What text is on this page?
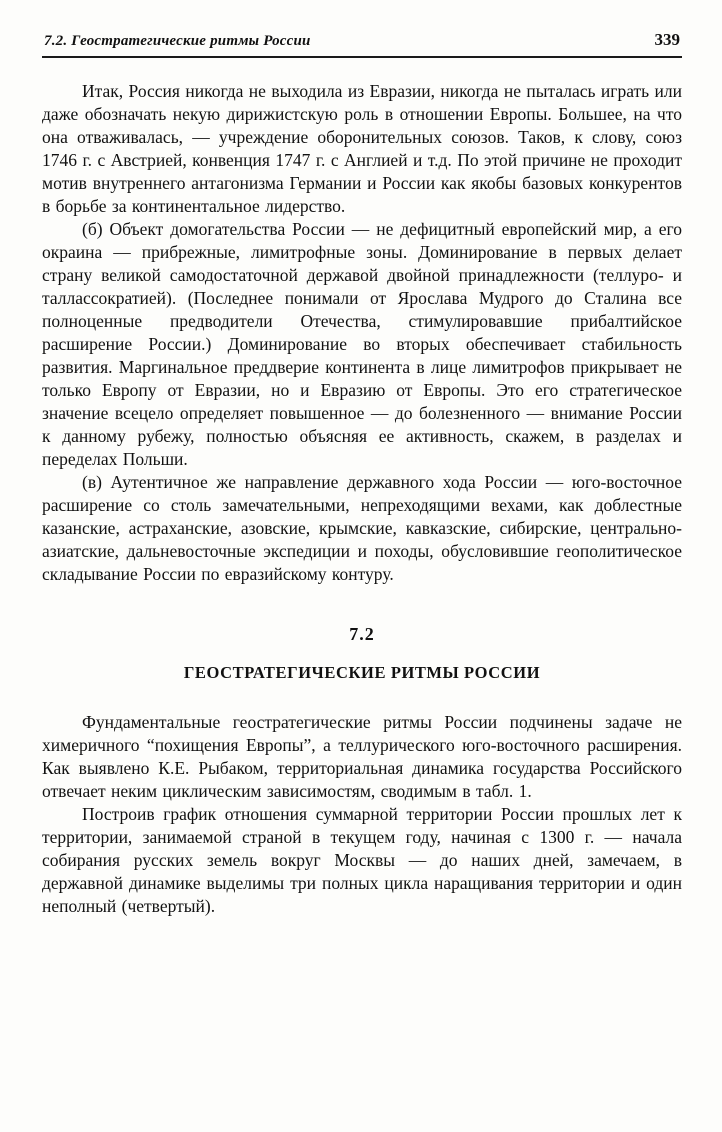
7.2. Геостратегические ритмы России	339

Итак, Россия никогда не выходила из Евразии, никогда не пыталась играть или даже обозначать некую дирижистскую роль в отношении Европы. Большее, на что она отваживалась, — учреждение оборонительных союзов. Таков, к слову, союз 1746 г. с Австрией, конвенция 1747 г. с Англией и т.д. По этой причине не проходит мотив внутреннего антагонизма Германии и России как якобы базовых конкурентов в борьбе за континентальное лидерство.

(б) Объект домогательства России — не дефицитный европейский мир, а его окраина — прибрежные, лимитрофные зоны. Доминирование в первых делает страну великой самодостаточной державой двойной принадлежности (теллуро- и таллассократией). (Последнее понимали от Ярослава Мудрого до Сталина все полноценные предводители Отечества, стимулировавшие прибалтийское расширение России.) Доминирование во вторых обеспечивает стабильность развития. Маргинальное преддверие континента в лице лимитрофов прикрывает не только Европу от Евразии, но и Евразию от Европы. Это его стратегическое значение всецело определяет повышенное — до болезненного — внимание России к данному рубежу, полностью объясняя ее активность, скажем, в разделах и переделах Польши.

(в) Аутентичное же направление державного хода России — юго-восточное расширение со столь замечательными, непреходящими вехами, как доблестные казанские, астраханские, азовские, крымские, кавказские, сибирские, центрально-азиатские, дальневосточные экспедиции и походы, обусловившие геополитическое складывание России по евразийскому контуру.

7.2
ГЕОСТРАТЕГИЧЕСКИЕ РИТМЫ РОССИИ

Фундаментальные геостратегические ритмы России подчинены задаче не химеричного “похищения Европы”, а теллурического юго-восточного расширения. Как выявлено К.Е. Рыбаком, территориальная динамика государства Российского отвечает неким циклическим зависимостям, сводимым в табл. 1.

Построив график отношения суммарной территории России прошлых лет к территории, занимаемой страной в текущем году, начиная с 1300 г. — начала собирания русских земель вокруг Москвы — до наших дней, замечаем, в державной динамике выделимы три полных цикла наращивания территории и один неполный (четвертый).
